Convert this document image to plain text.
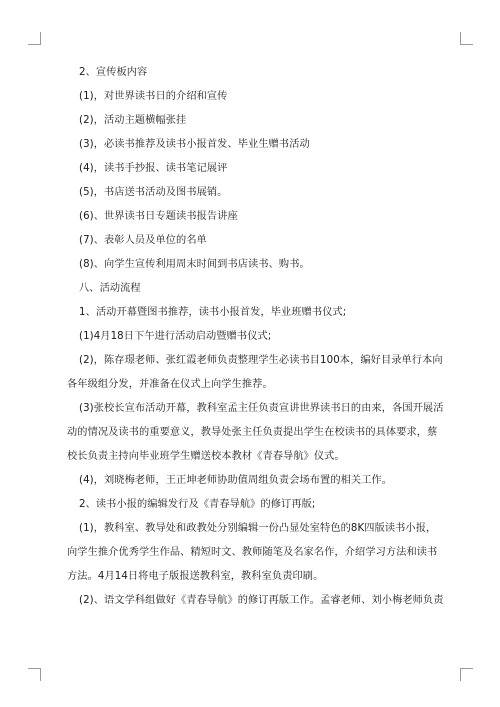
2、宣传板内容

(1)，对世界读书日的介绍和宣传

(2)，活动主题横幅张挂

(3)，必读书推荐及读书小报首发、毕业生赠书活动

(4)，读书手抄报、读书笔记展评

(5)，书店送书活动及图书展销。

(6)、世界读书日专题读书报告讲座

(7)、表彰人员及单位的名单

(8)、向学生宣传利用周末时间到书店读书、购书。

八、活动流程

1、活动开幕暨图书推荐，读书小报首发，毕业班赠书仪式;

(1)4月18日下午进行活动启动暨赠书仪式;

(2)，陈存璟老师、张红霞老师负责整理学生必读书目100本，编好目录单行本向各年级组分发，并准备在仪式上向学生推荐。

(3)张校长宣布活动开幕，教科室孟主任负责宣讲世界读书日的由来，各国开展活动的情况及读书的重要意义，教导处张主任负责提出学生在校读书的具体要求，蔡校长负责主持向毕业班学生赠送校本教材《青春导航》仪式。

(4)，刘晓梅老师，王正坤老师协助值周组负责会场布置的相关工作。

2、读书小报的编辑发行及《青春导航》的修订再版;

(1)，教科室、教导处和政教处分别编辑一份凸显处室特色的8K四版读书小报，向学生推介优秀学生作品、精短时文、教师随笔及名家名作，介绍学习方法和读书方法。4月14日将电子版报送教科室，教科室负责印刷。

(2)、语文学科组做好《青春导航》的修订再版工作。孟睿老师、刘小梅老师负责
